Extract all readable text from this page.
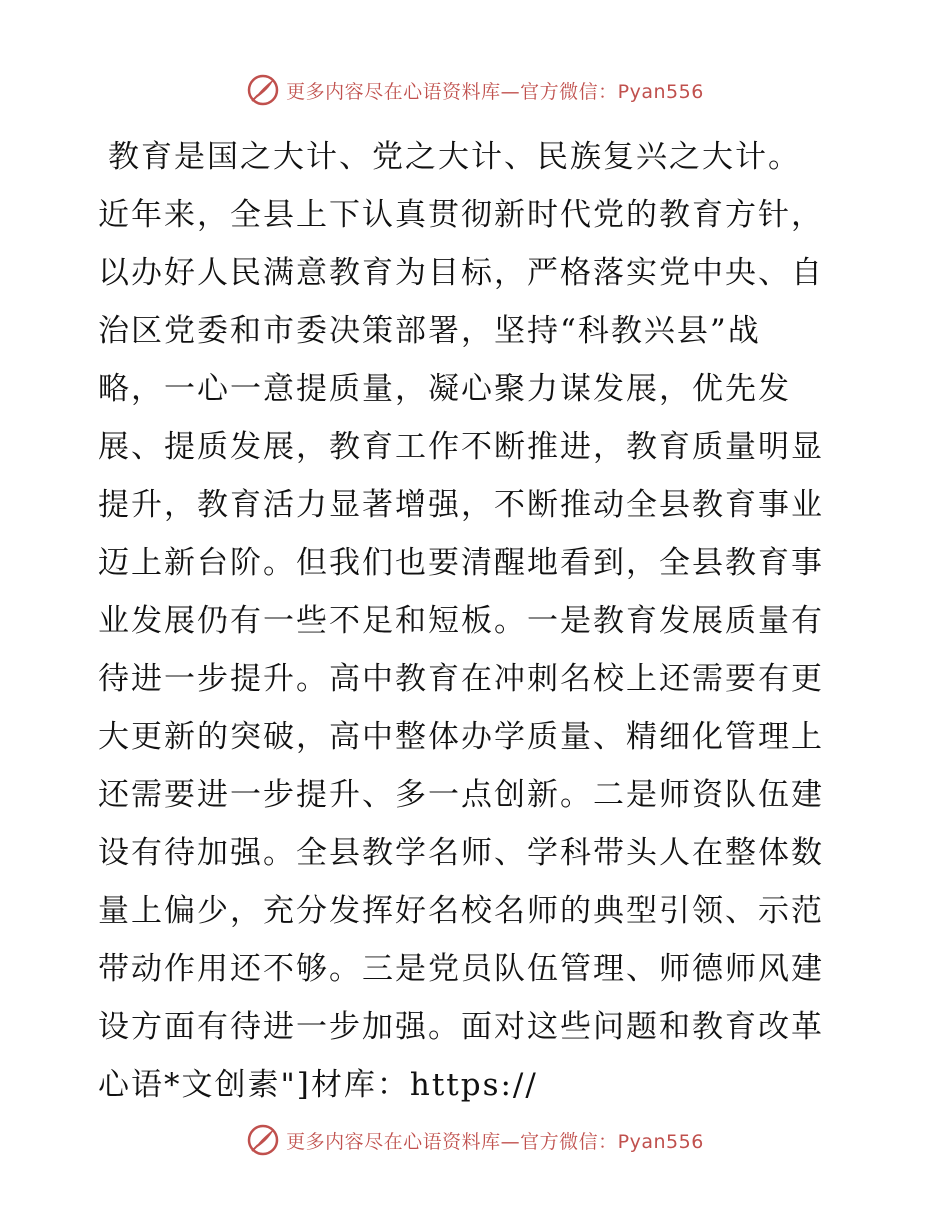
更多内容尽在心语资料库—官方微信：Pyan556
教育是国之大计、党之大计、民族复兴之大计。
近年来，全县上下认真贯彻新时代党的教育方针，
以办好人民满意教育为目标，严格落实党中央、自
治区党委和市委决策部署，坚持“科教兴县”战
略，一心一意提质量，凝心聚力谋发展，优先发
展、提质发展，教育工作不断推进，教育质量明显
提升，教育活力显著增强，不断推动全县教育事业
迈上新台阶。但我们也要清醒地看到，全县教育事
业发展仍有一些不足和短板。一是教育发展质量有
待进一步提升。高中教育在冲刺名校上还需要有更
大更新的突破，高中整体办学质量、精细化管理上
还需要进一步提升、多一点创新。二是师资队伍建
设有待加强。全县教学名师、学科带头人在整体数
量上偏少，充分发挥好名校名师的典型引领、示范
带动作用还不够。三是党员队伍管理、师德师风建
设方面有待进一步加强。面对这些问题和教育改革
心语*文创素"]材库：https://
更多内容尽在心语资料库—官方微信：Pyan556
